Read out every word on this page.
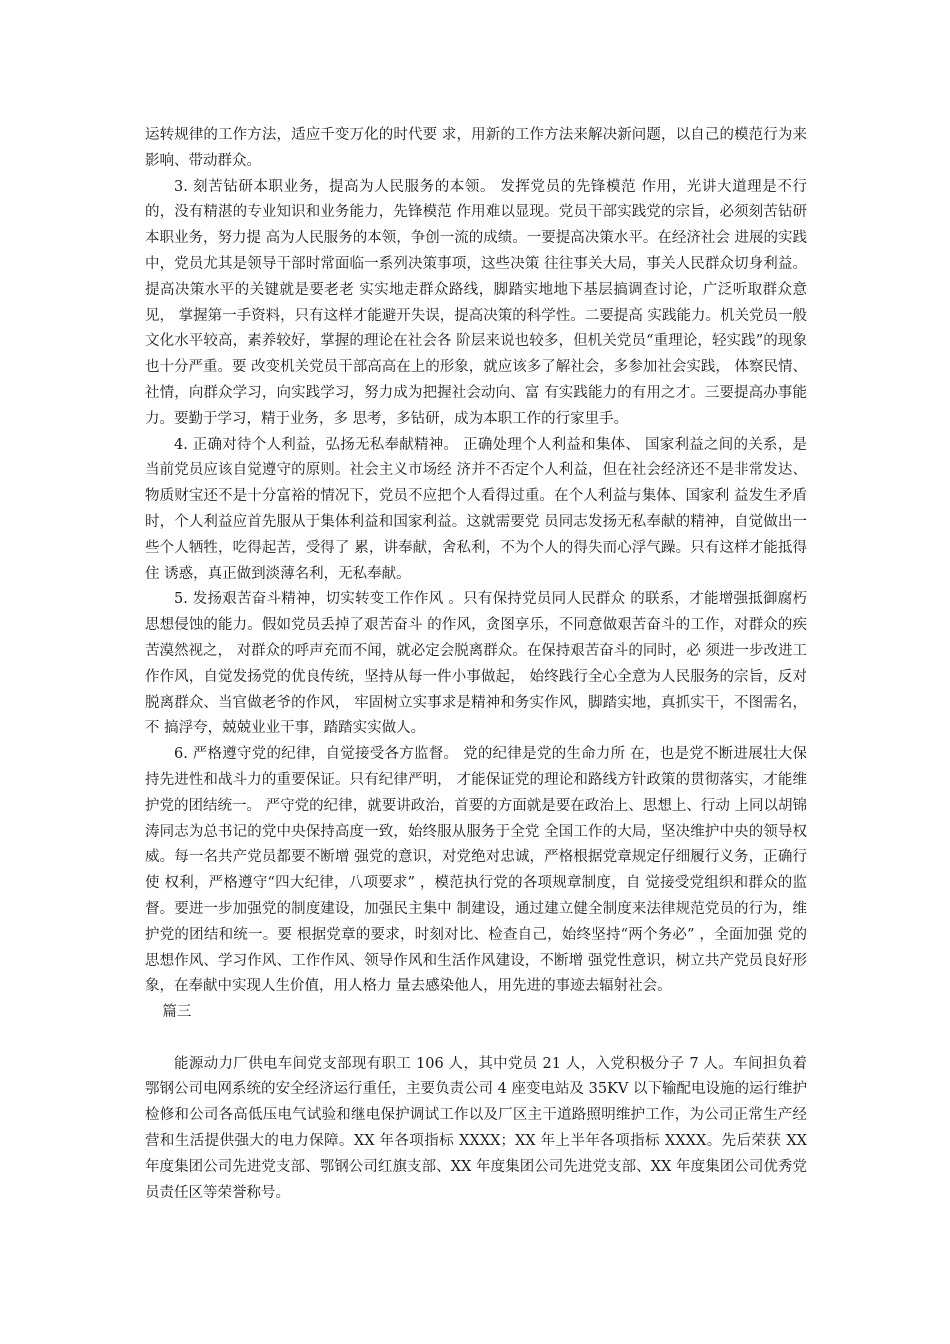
运转规律的工作方法，适应千变万化的时代要 求，用新的工作方法来解决新问题，以自己的模范行为来影响、带动群众。

3. 刻苦钻研本职业务，提高为人民服务的本领。 发挥党员的先锋模范 作用，光讲大道理是不行的，没有精湛的专业知识和业务能力，先锋模范 作用难以显现。党员干部实践党的宗旨，必须刻苦钻研本职业务，努力提 高为人民服务的本领，争创一流的成绩。一要提高决策水平。在经济社会 进展的实践中，党员尤其是领导干部时常面临一系列决策事项，这些决策 往往事关大局，事关人民群众切身利益。提高决策水平的关键就是要老老 实实地走群众路线，脚踏实地地下基层搞调查讨论，广泛听取群众意见， 掌握第一手资料，只有这样才能避开失误，提高决策的科学性。二要提高 实践能力。机关党员一般文化水平较高，素养较好，掌握的理论在社会各 阶层来说也较多，但机关党员“重理论，轻实践”的现象也十分严重。要 改变机关党员干部高高在上的形象，就应该多了解社会，多参加社会实践， 体察民情、社情，向群众学习，向实践学习，努力成为把握社会动向、富 有实践能力的有用之才。三要提高办事能力。要勤于学习，精于业务，多 思考，多钻研，成为本职工作的行家里手。

4. 正确对待个人利益，弘扬无私奉献精神。 正确处理个人利益和集体、 国家利益之间的关系，是当前党员应该自觉遵守的原则。社会主义市场经 济并不否定个人利益，但在社会经济还不是非常发达、物质财宝还不是十分富裕的情况下，党员不应把个人看得过重。在个人利益与集体、国家利 益发生矛盾时，个人利益应首先服从于集体利益和国家利益。这就需要党 员同志发扬无私奉献的精神，自觉做出一些个人牺牲，吃得起苦，受得了 累，讲奉献，舍私利，不为个人的得失而心浮气躁。只有这样才能抵得住 诱惑，真正做到淡薄名利，无私奉献。

5. 发扬艰苦奋斗精神，切实转变工作作风 。只有保持党员同人民群众 的联系，才能增强抵御腐朽思想侵蚀的能力。假如党员丢掉了艰苦奋斗 的作风，贪图享乐，不同意做艰苦奋斗的工作，对群众的疾苦漠然视之， 对群众的呼声充而不闻，就必定会脱离群众。在保持艰苦奋斗的同时，必 须进一步改进工作作风，自觉发扬党的优良传统，坚持从每一件小事做起， 始终践行全心全意为人民服务的宗旨，反对脱离群众、当官做老爷的作风， 牢固树立实事求是精神和务实作风，脚踏实地，真抓实干，不图需名，不 搞浮夸，兢兢业业干事，踏踏实实做人。

6. 严格遵守党的纪律，自觉接受各方监督。 党的纪律是党的生命力所 在，也是党不断进展壮大保持先进性和战斗力的重要保证。只有纪律严明， 才能保证党的理论和路线方针政策的贯彻落实，才能维护党的团结统一。 严守党的纪律，就要讲政治，首要的方面就是要在政治上、思想上、行动 上同以胡锦涛同志为总书记的党中央保持高度一致，始终服从服务于全党 全国工作的大局，坚决维护中央的领导权威。每一名共产党员都要不断增 强党的意识，对党绝对忠诚，严格根据党章规定仔细履行义务，正确行使 权利，严格遵守“四大纪律，八项要求” ，模范执行党的各项规章制度，自 觉接受党组织和群众的监督。要进一步加强党的制度建设，加强民主集中 制建设，通过建立健全制度来法律规范党员的行为，维护党的团结和统一。要 根据党章的要求，时刻对比、检查自己，始终坚持“两个务必” ，全面加强 党的思想作风、学习作风、工作作风、领导作风和生活作风建设，不断增 强党性意识，树立共产党员良好形象，在奉献中实现人生价值，用人格力 量去感染他人，用先进的事迹去辐射社会。

篇三

能源动力厂供电车间党支部现有职工 106 人，其中党员 21 人，入党积极分子 7 人。车间担负着鄂钢公司电网系统的安全经济运行重任，主要负责公司 4 座变电站及 35KV 以下输配电设施的运行维护检修和公司各高低压电气试验和继电保护调试工作以及厂区主干道路照明维护工作，为公司正常生产经营和生活提供强大的电力保障。XX 年各项指标 XXXX；XX 年上半年各项指标 XXXX。先后荣获 XX 年度集团公司先进党支部、鄂钢公司红旗支部、XX 年度集团公司先进党支部、XX 年度集团公司优秀党员责任区等荣誉称号。
